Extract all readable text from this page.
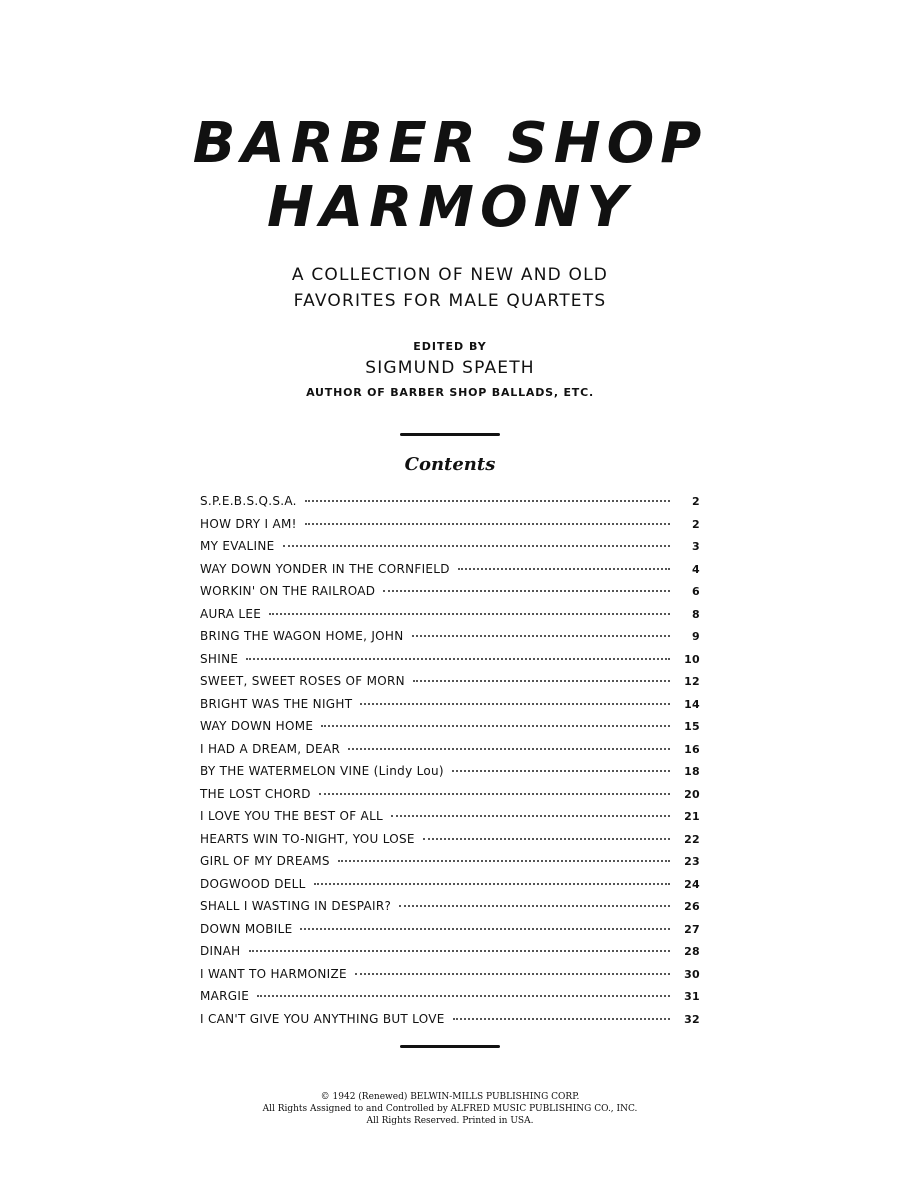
BARBER SHOP
HARMONY
A COLLECTION OF NEW AND OLD
FAVORITES FOR MALE QUARTETS
EDITED BY
SIGMUND SPAETH
AUTHOR OF BARBER SHOP BALLADS, ETC.
Contents
S.P.E.B.S.Q.S.A.	2
HOW DRY I AM!	2
MY EVALINE	3
WAY DOWN YONDER IN THE CORNFIELD	4
WORKIN' ON THE RAILROAD	6
AURA LEE	8
BRING THE WAGON HOME, JOHN	9
SHINE	10
SWEET, SWEET ROSES OF MORN	12
BRIGHT WAS THE NIGHT	14
WAY DOWN HOME	15
I HAD A DREAM, DEAR	16
BY THE WATERMELON VINE (Lindy Lou)	18
THE LOST CHORD	20
I LOVE YOU THE BEST OF ALL	21
HEARTS WIN TO-NIGHT, YOU LOSE	22
GIRL OF MY DREAMS	23
DOGWOOD DELL	24
SHALL I WASTING IN DESPAIR?	26
DOWN MOBILE	27
DINAH	28
I WANT TO HARMONIZE	30
MARGIE	31
I CAN'T GIVE YOU ANYTHING BUT LOVE	32
© 1942 (Renewed) BELWIN-MILLS PUBLISHING CORP.
All Rights Assigned to and Controlled by ALFRED MUSIC PUBLISHING CO., INC.
All Rights Reserved. Printed in USA.
